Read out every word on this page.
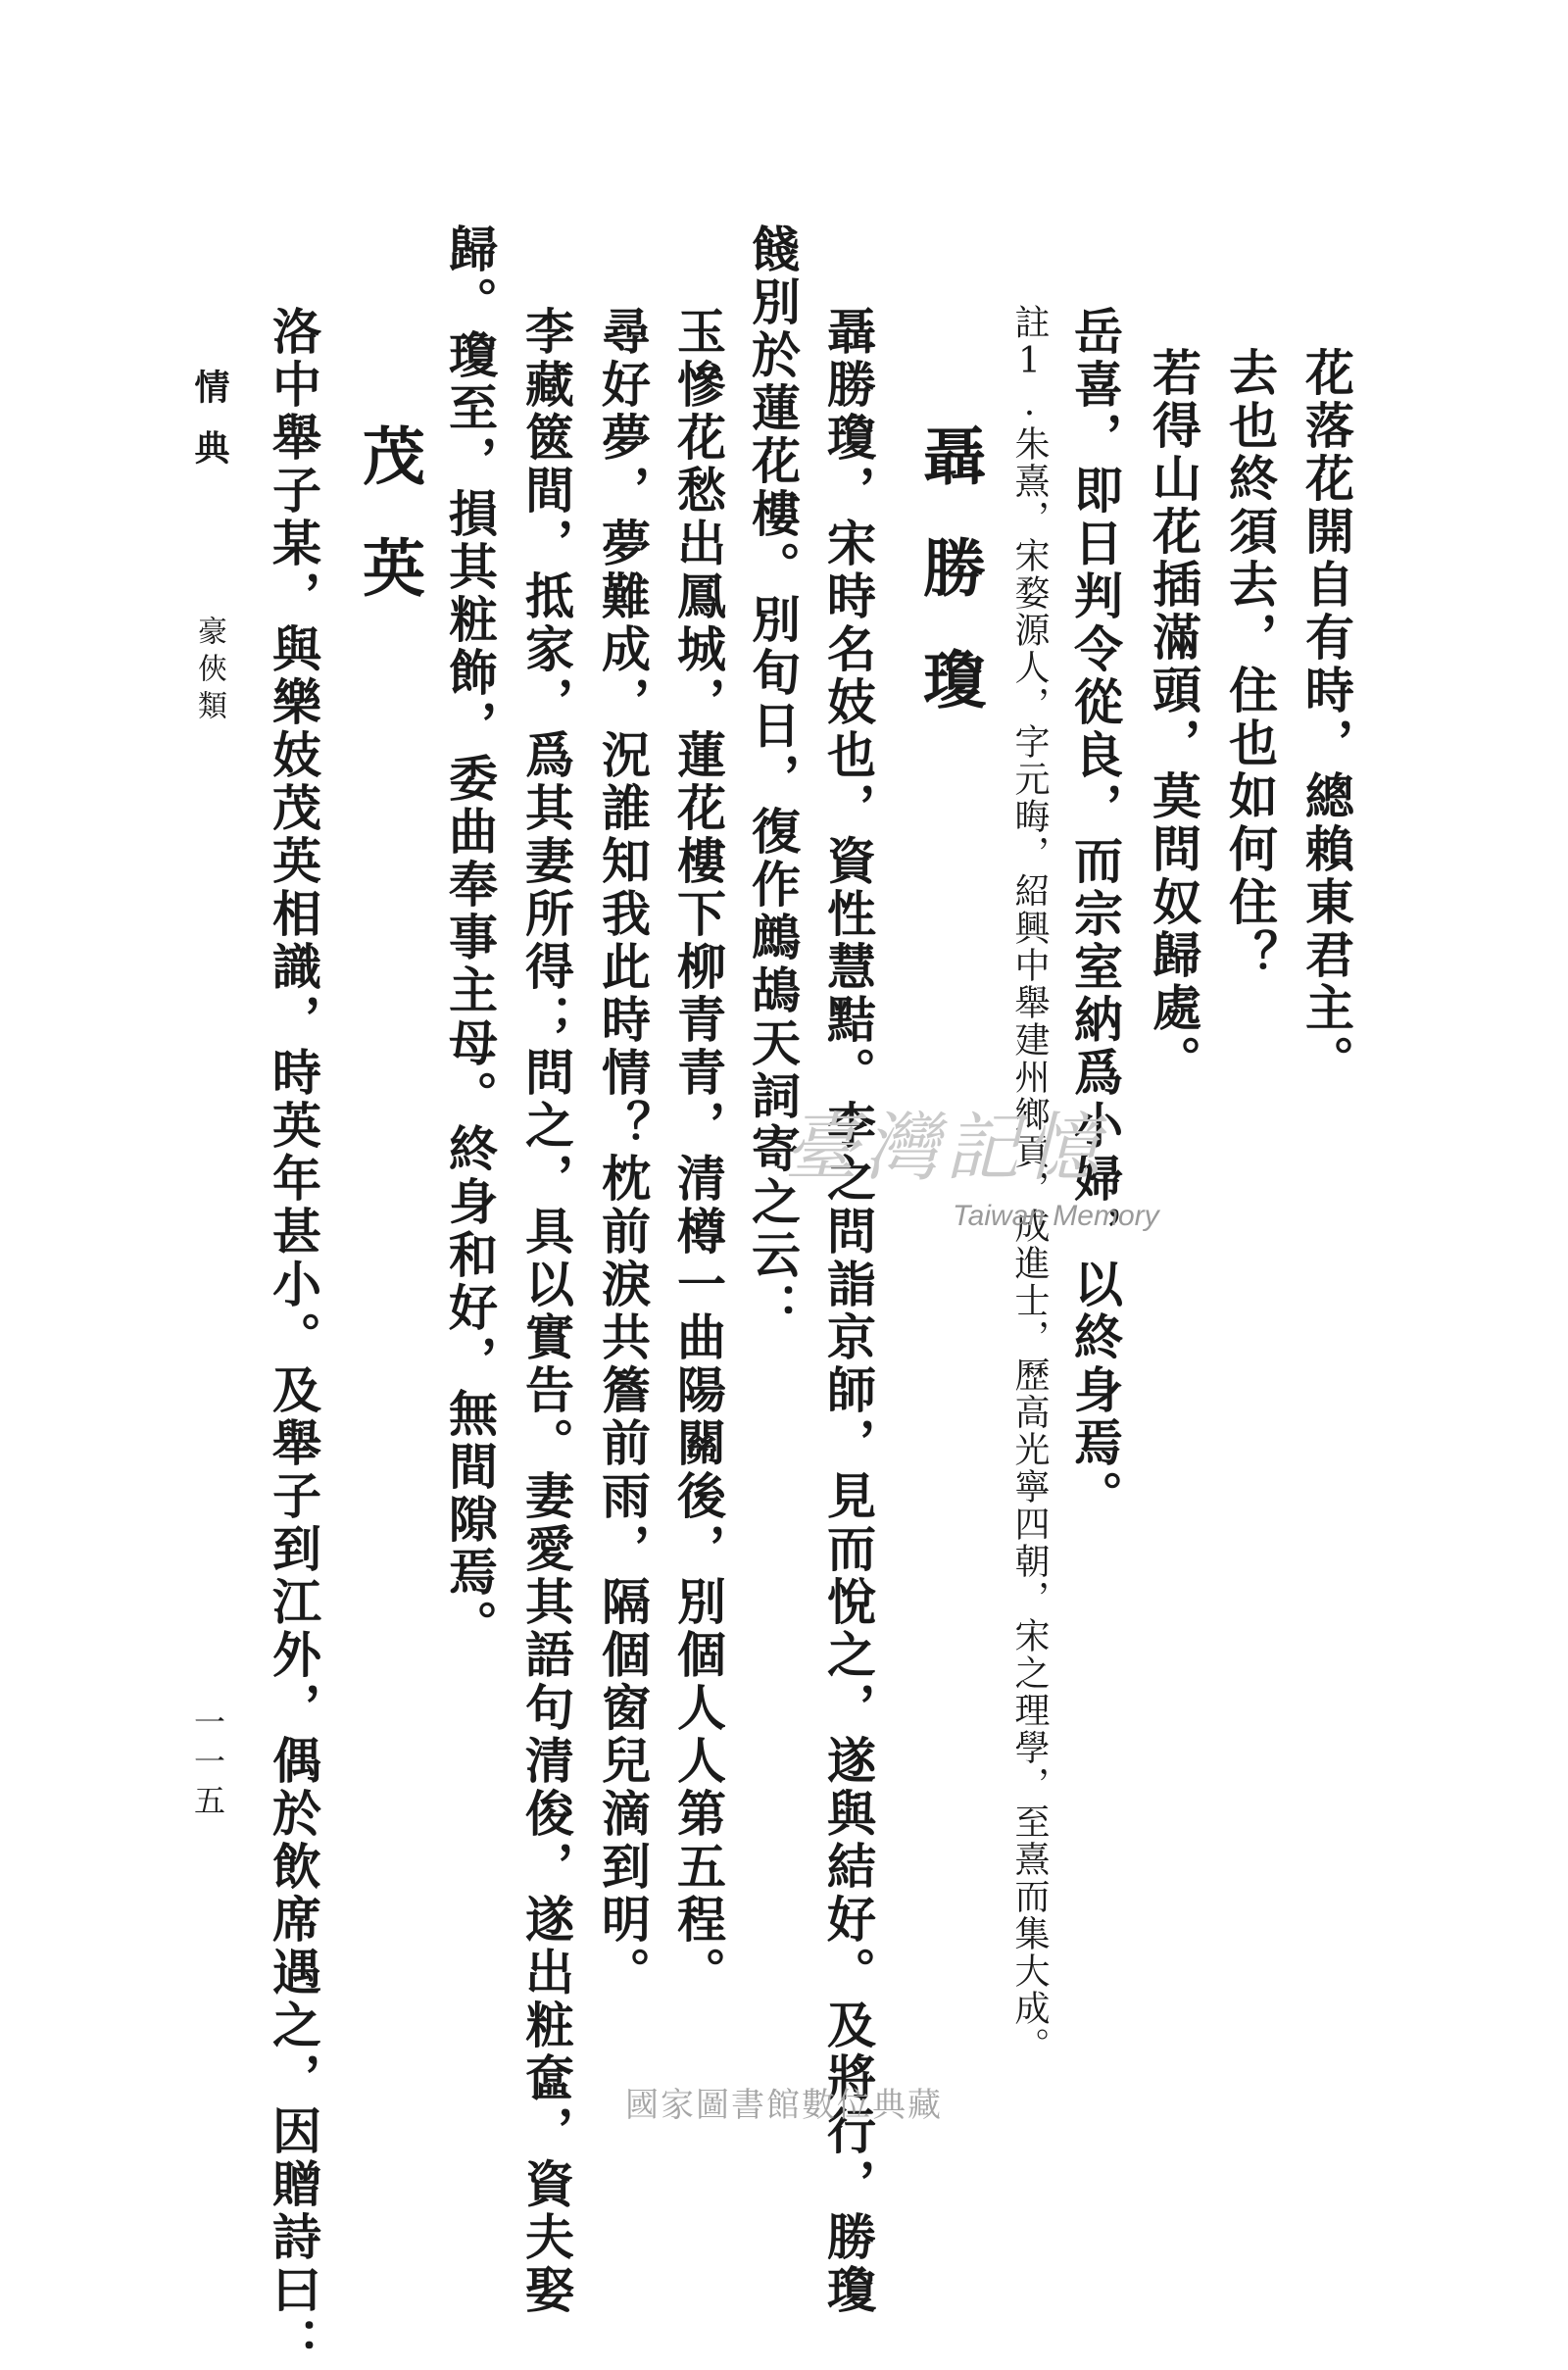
花落花開自有時，總賴東君主。
去也終須去，住也如何住？
若得山花插滿頭，莫問奴歸處。
岳喜，即日判令從良，而宗室納爲小婦，以終身焉。
註1.朱熹，宋婺源人，字元晦，紹興中舉建州鄉貢，成進士，歷高光寧四朝，宋之理學，至熹而集大成。
聶勝瓊
聶勝瓊，宋時名妓也，資性慧黠。李之問詣京師，見而悅之，遂與結好。及將行，勝瓊
餞別於蓮花樓。別旬日，復作鷓鴣天詞寄之云：
玉慘花愁出鳳城，蓮花樓下柳青青，清樽一曲陽關後，別個人人第五程。
尋好夢，夢難成，況誰知我此時情？枕前淚共簷前雨，隔個窗兒滴到明。
李藏篋間，抵家，爲其妻所得；問之，具以實告。妻愛其語句清俊，遂出粧奩，資夫娶
歸。瓊至，損其粧飾，委曲奉事主母。終身和好，無間隙焉。
茂英
洛中舉子某，與樂妓茂英相識，時英年甚小。及舉子到江外，偶於飲席遇之，因贈詩曰：
情典
豪俠類
一一五
臺灣記憶
Taiwan Memory
國家圖書館數位典藏
